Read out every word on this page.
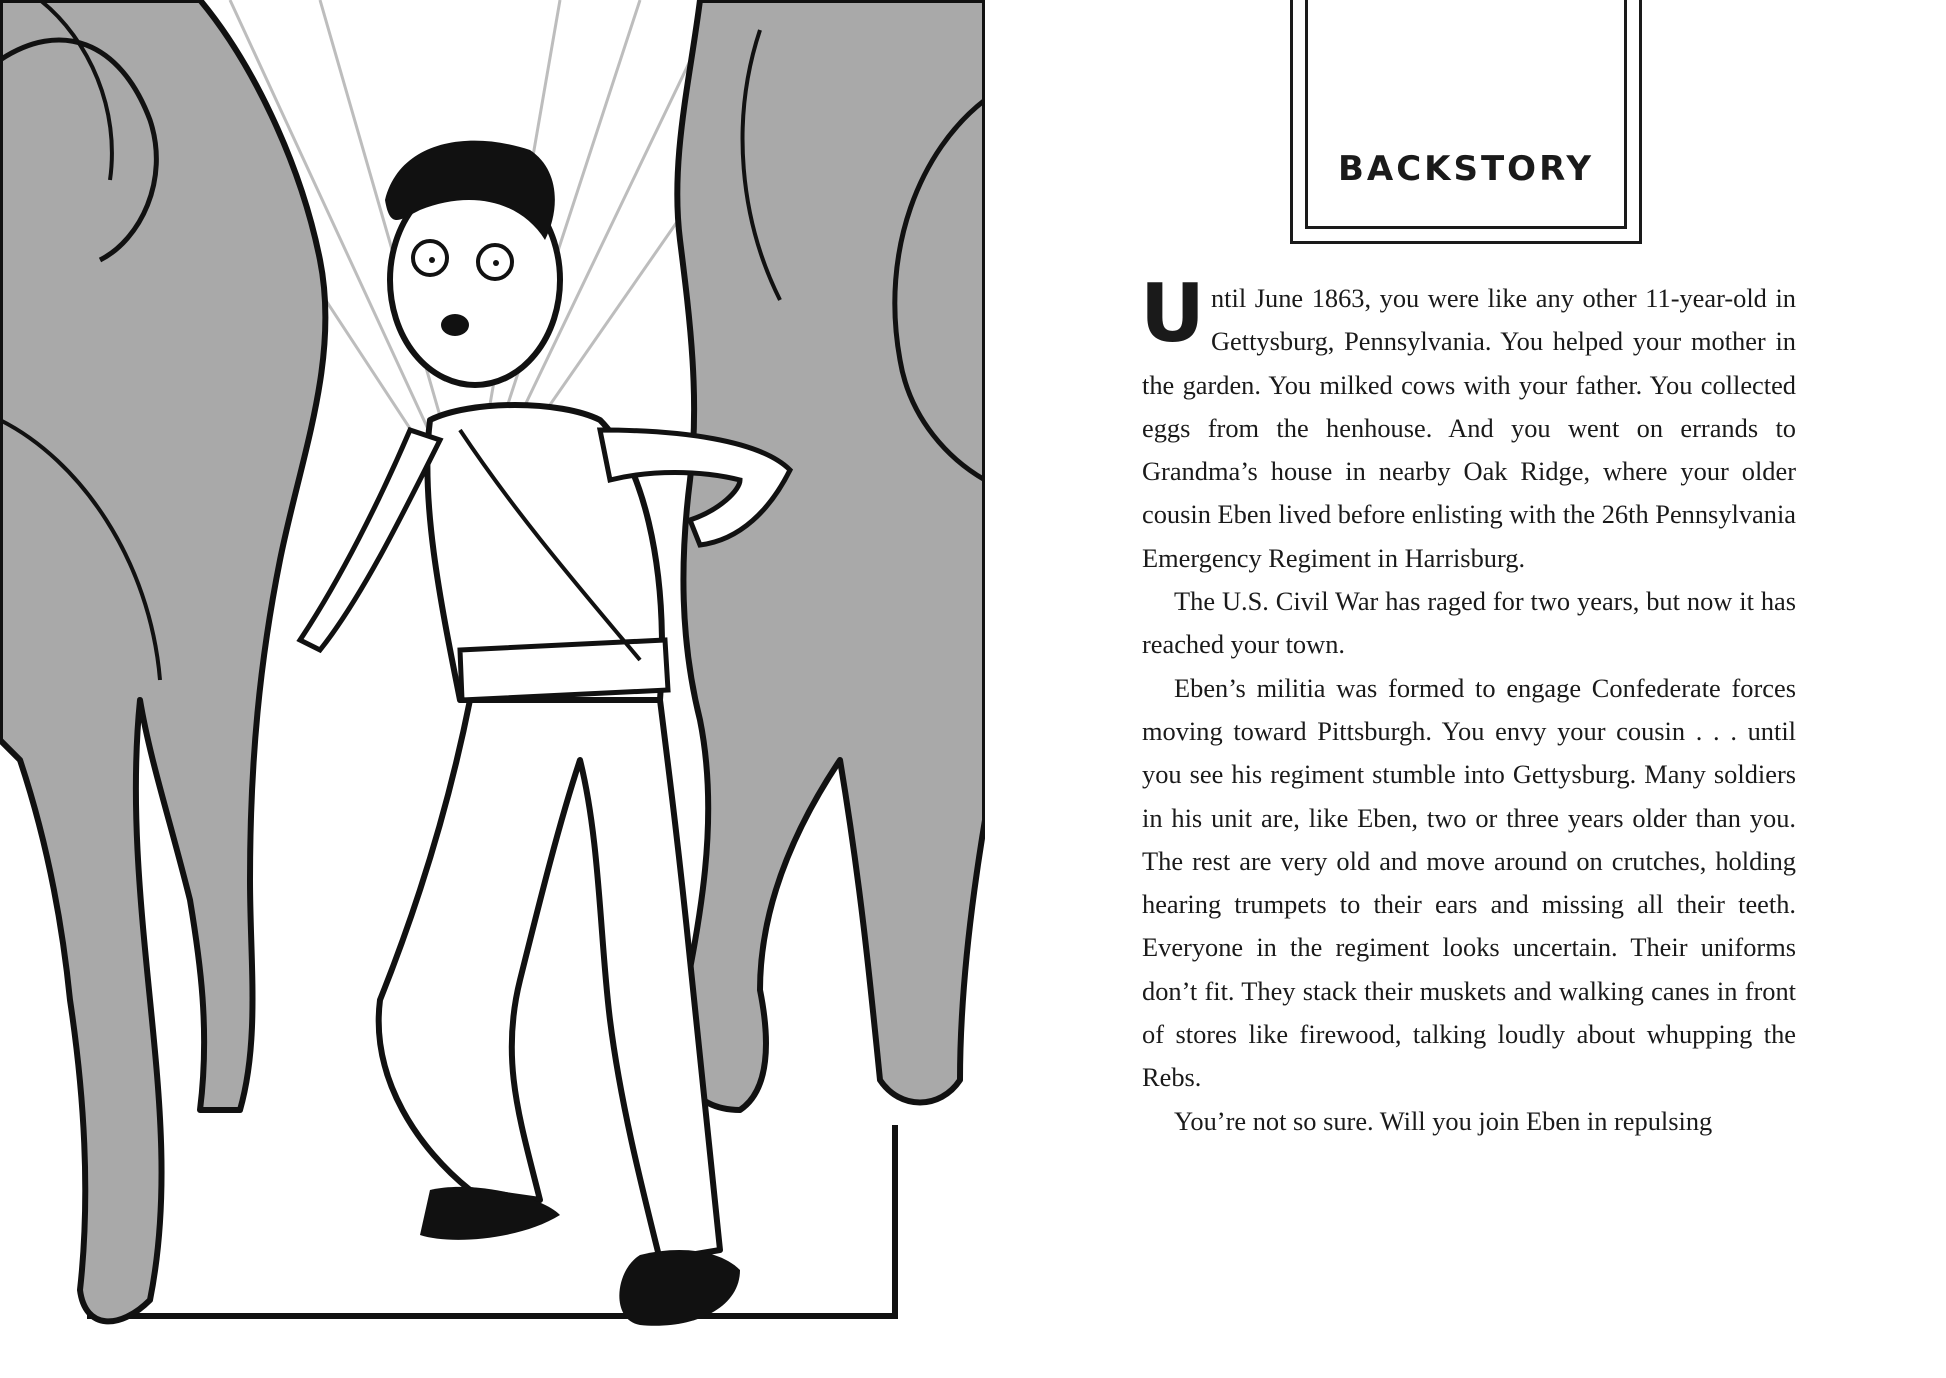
BACKSTORY

Until June 1863, you were like any other 11-year-old in Gettysburg, Pennsylvania. You helped your mother in the garden. You milked cows with your father. You collected eggs from the henhouse. And you went on errands to Grandma’s house in nearby Oak Ridge, where your older cousin Eben lived before enlisting with the 26th Pennsylvania Emergency Regiment in Harrisburg.

The U.S. Civil War has raged for two years, but now it has reached your town.

Eben’s militia was formed to engage Confederate forces moving toward Pittsburgh. You envy your cousin . . . until you see his regiment stumble into Gettysburg. Many soldiers in his unit are, like Eben, two or three years older than you. The rest are very old and move around on crutches, holding hearing trumpets to their ears and missing all their teeth. Everyone in the regiment looks uncertain. Their uniforms don’t fit. They stack their muskets and walking canes in front of stores like firewood, talking loudly about whupping the Rebs.

You’re not so sure. Will you join Eben in repulsing
